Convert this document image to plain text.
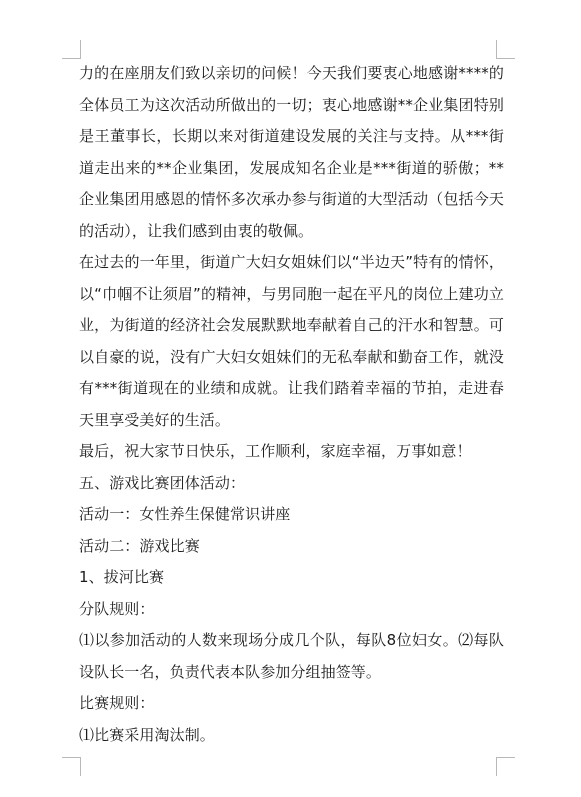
力的在座朋友们致以亲切的问候！今天我们要衷心地感谢****的全体员工为这次活动所做出的一切；衷心地感谢**企业集团特别是王董事长，长期以来对街道建设发展的关注与支持。从***街道走出来的**企业集团，发展成知名企业是***街道的骄傲；**企业集团用感恩的情怀多次承办参与街道的大型活动（包括今天的活动），让我们感到由衷的敬佩。

在过去的一年里，街道广大妇女姐妹们以“半边天”特有的情怀，以“巾帼不让须眉”的精神，与男同胞一起在平凡的岗位上建功立业，为街道的经济社会发展默默地奉献着自己的汗水和智慧。可以自豪的说，没有广大妇女姐妹们的无私奉献和勤奋工作，就没有***街道现在的业绩和成就。让我们踏着幸福的节拍，走进春天里享受美好的生活。

最后，祝大家节日快乐，工作顺利，家庭幸福，万事如意！

五、游戏比赛团体活动：

活动一：女性养生保健常识讲座

活动二：游戏比赛

1、拔河比赛

分队规则：

⑴以参加活动的人数来现场分成几个队，每队8位妇女。⑵每队设队长一名，负责代表本队参加分组抽签等。

比赛规则：

⑴比赛采用淘汰制。
